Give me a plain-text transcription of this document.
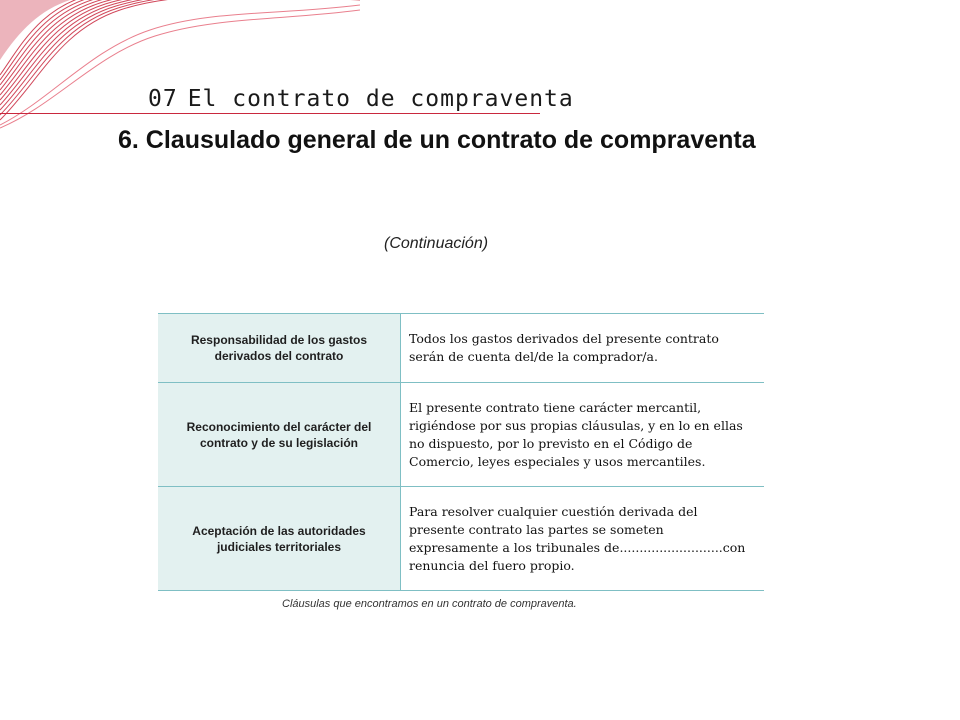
07 El contrato de compraventa
6. Clausulado general de un contrato de compraventa
(Continuación)
Responsabilidad de los gastos derivados del contrato	Todos los gastos derivados del presente contrato serán de cuenta del/de la comprador/a.
Reconocimiento del carácter del contrato y de su legislación	El presente contrato tiene carácter mercantil, rigiéndose por sus propias cláusulas, y en lo en ellas no dispuesto, por lo previsto en el Código de Comercio, leyes especiales y usos mercantiles.
Aceptación de las autoridades judiciales territoriales	Para resolver cualquier cuestión derivada del presente contrato las partes se someten expresamente a los tribunales de..........................con renuncia del fuero propio.
Cláusulas que encontramos en un contrato de compraventa.
